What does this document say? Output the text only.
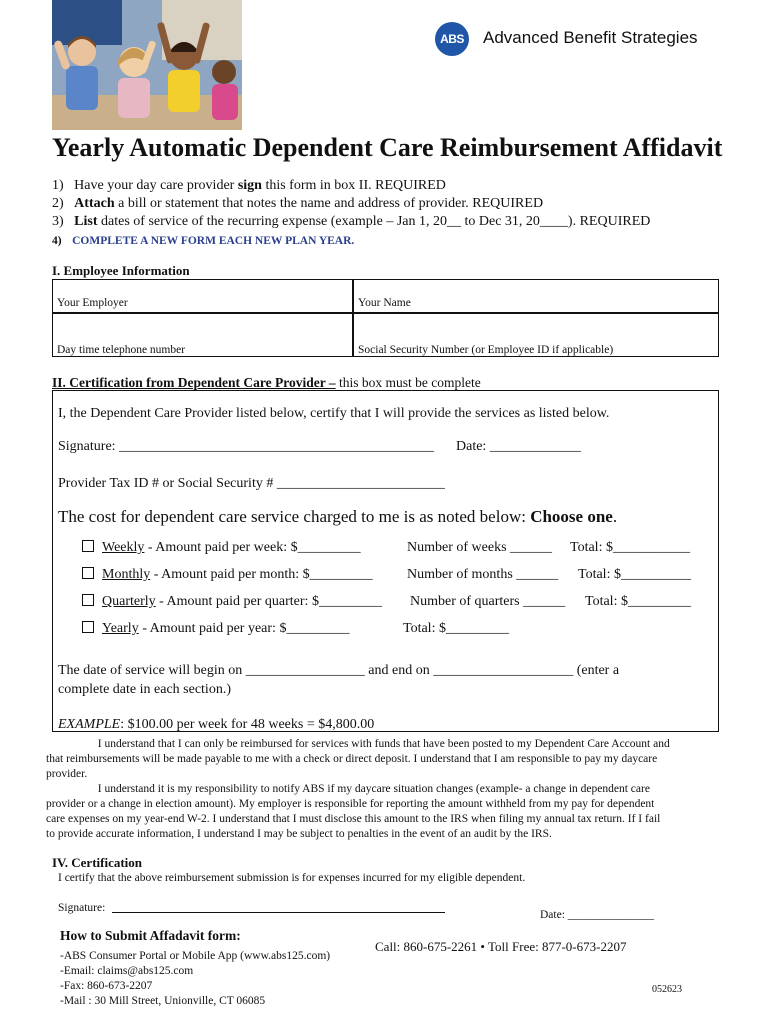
ABS Advanced Benefit Strategies
Yearly Automatic Dependent Care Reimbursement Affidavit
1) Have your day care provider sign this form in box II. REQUIRED
2) Attach a bill or statement that notes the name and address of provider. REQUIRED
3) List dates of service of the recurring expense (example – Jan 1, 20__ to Dec 31, 20____). REQUIRED
4) COMPLETE A NEW FORM EACH NEW PLAN YEAR.
I. Employee Information
Your Employer	Your Name
Day time telephone number	Social Security Number (or Employee ID if applicable)
II. Certification from Dependent Care Provider – this box must be complete
I, the Dependent Care Provider listed below, certify that I will provide the services as listed below.
Signature: _____________________________________________ Date: _____________
Provider Tax ID # or Social Security # ________________________
The cost for dependent care service charged to me is as noted below: Choose one.
Weekly - Amount paid per week: $_________	Number of weeks ______ Total: $___________
Monthly - Amount paid per month: $_________ Number of months ______ Total: $__________
Quarterly - Amount paid per quarter: $_________ Number of quarters ______ Total: $_________
Yearly - Amount paid per year: $_________	Total: $_________
The date of service will begin on _________________ and end on ____________________ (enter a
complete date in each section.)
EXAMPLE: $100.00 per week for 48 weeks = $4,800.00
I understand that I can only be reimbursed for services with funds that have been posted to my Dependent Care Account and
that reimbursements will be made payable to me with a check or direct deposit. I understand that I am responsible to pay my daycare
provider.
I understand it is my responsibility to notify ABS if my daycare situation changes (example- a change in dependent care
provider or a change in election amount). My employer is responsible for reporting the amount withheld from my pay for dependent
care expenses on my year-end W-2. I understand that I must disclose this amount to the IRS when filing my annual tax return. If I fail
to provide accurate information, I understand I may be subject to penalties in the event of an audit by the IRS.
IV. Certification
I certify that the above reimbursement submission is for expenses incurred for my eligible dependent.
Signature:
Date: _______________
How to Submit Affadavit form:
-ABS Consumer Portal or Mobile App (www.abs125.com)
-Email: claims@abs125.com
-Fax: 860-673-2207
-Mail : 30 Mill Street, Unionville, CT 06085
Call: 860-675-2261 • Toll Free: 877-0-673-2207
052623
